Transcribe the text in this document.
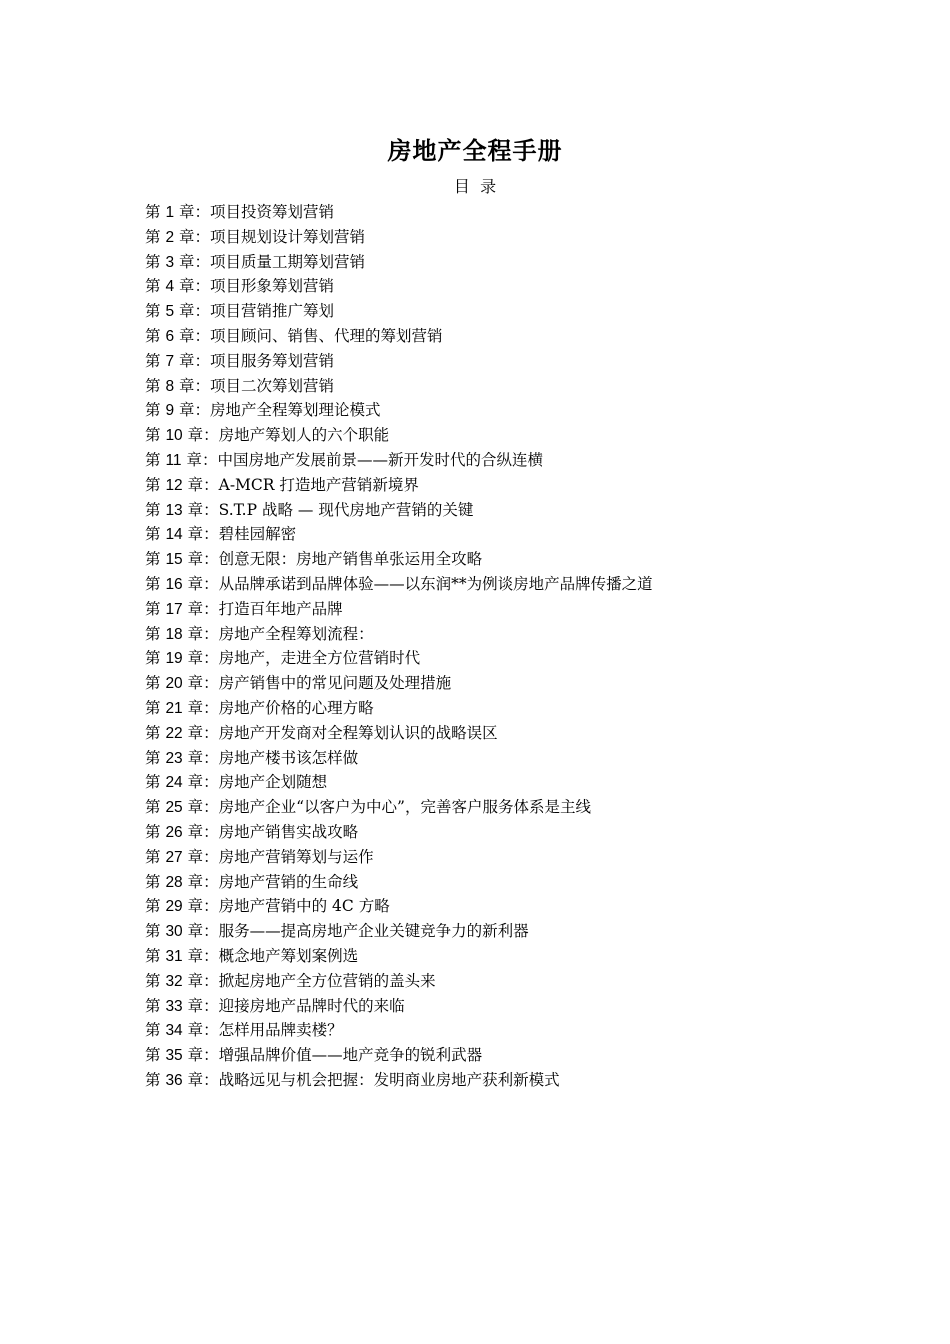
房地产全程手册
目  录
第 1 章：项目投资筹划营销
第 2 章：项目规划设计筹划营销
第 3 章：项目质量工期筹划营销
第 4 章：项目形象筹划营销
第 5 章：项目营销推广筹划
第 6 章：项目顾问、销售、代理的筹划营销
第 7 章：项目服务筹划营销
第 8 章：项目二次筹划营销
第 9 章：房地产全程筹划理论模式
第 10 章：房地产筹划人的六个职能
第 11 章：中国房地产发展前景——新开发时代的合纵连横
第 12 章：A-MCR 打造地产营销新境界
第 13 章：S.T.P 战略 — 现代房地产营销的关键
第 14 章：碧桂园解密
第 15 章：创意无限：房地产销售单张运用全攻略
第 16 章：从品牌承诺到品牌体验——以东润**为例谈房地产品牌传播之道
第 17 章：打造百年地产品牌
第 18 章：房地产全程筹划流程：
第 19 章：房地产，走进全方位营销时代
第 20 章：房产销售中的常见问题及处理措施
第 21 章：房地产价格的心理方略
第 22 章：房地产开发商对全程筹划认识的战略误区
第 23 章：房地产楼书该怎样做
第 24 章：房地产企划随想
第 25 章：房地产企业“以客户为中心”，完善客户服务体系是主线
第 26 章：房地产销售实战攻略
第 27 章：房地产营销筹划与运作
第 28 章：房地产营销的生命线
第 29 章：房地产营销中的 4C 方略
第 30 章：服务——提高房地产企业关键竞争力的新利器
第 31 章：概念地产筹划案例选
第 32 章：掀起房地产全方位营销的盖头来
第 33 章：迎接房地产品牌时代的来临
第 34 章：怎样用品牌卖楼？
第 35 章：增强品牌价值——地产竞争的锐利武器
第 36 章：战略远见与机会把握：发明商业房地产获利新模式
